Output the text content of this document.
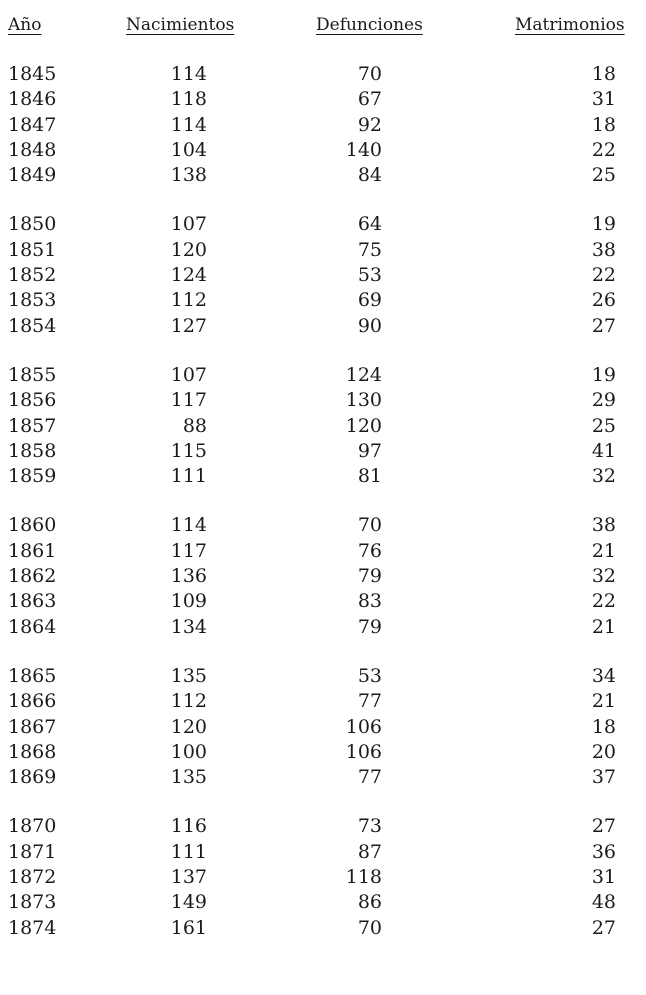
Año	Nacimientos	Defunciones	Matrimonios
1845	114	70	18
1846	118	67	31
1847	114	92	18
1848	104	140	22
1849	138	84	25
1850	107	64	19
1851	120	75	38
1852	124	53	22
1853	112	69	26
1854	127	90	27
1855	107	124	19
1856	117	130	29
1857	88	120	25
1858	115	97	41
1859	111	81	32
1860	114	70	38
1861	117	76	21
1862	136	79	32
1863	109	83	22
1864	134	79	21
1865	135	53	34
1866	112	77	21
1867	120	106	18
1868	100	106	20
1869	135	77	37
1870	116	73	27
1871	111	87	36
1872	137	118	31
1873	149	86	48
1874	161	70	27
